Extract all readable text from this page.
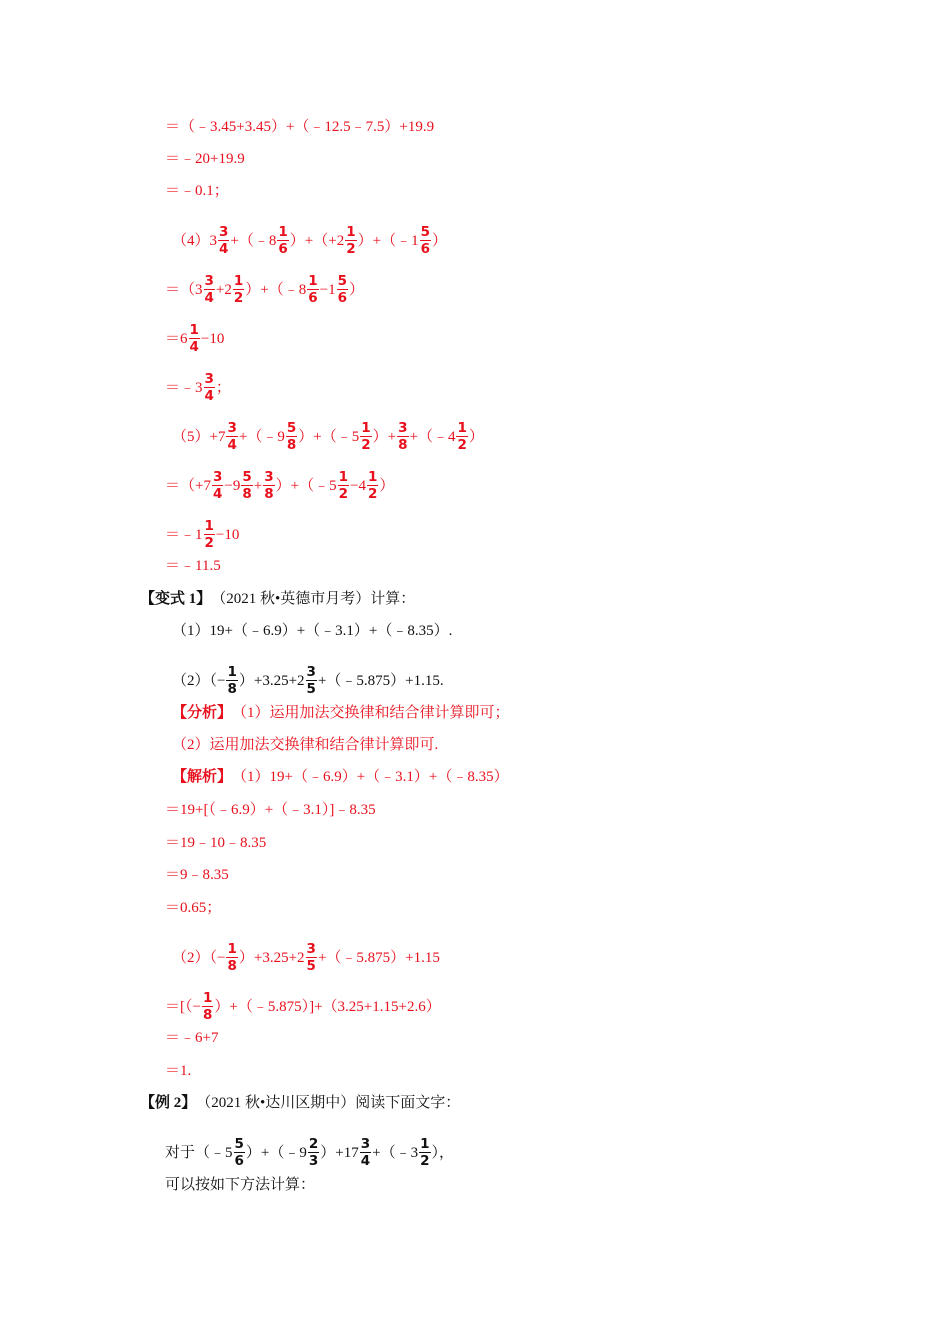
＝（﹣3.45+3.45）+（﹣12.5﹣7.5）+19.9
＝﹣20+19.9
＝﹣0.1；
$(4)3 \frac{3}{4}$ +（﹣8 $\frac{1}{6} )+(+2 \frac{1}{2}$ ）+（﹣1 $\frac{5}{6}$ ）
$=(3 \frac{3}{4} +2 \frac{1}{2}$ ）+（﹣8 $\frac{1}{6} -1 \frac{5}{6}$ ）
$=6 \frac{1}{4} -10$
＝﹣3 $\frac{3}{4}$ ；
$(5)+7 \frac{3}{4}$ +（﹣9 $\frac{5}{8}$ ）+（﹣5 $\frac{1}{2}$ ）+ $\frac{3}{8}$ +（﹣4 $\frac{1}{2}$ ）
$=(+7 \frac{3}{4} -9 \frac{5}{8} + \frac{3}{8}$ ）+（﹣5 $\frac{1}{2} -4 \frac{1}{2}$ ）
＝﹣1 $\frac{1}{2} -10$
＝﹣11.5
【变式 1】 （2021 秋•英德市月考）计算：
（1）19+（﹣6.9）+（﹣3.1）+（﹣8.35）.
$(2)(- \frac{1}{8} )+3.25+2 \frac{3}{5}$ +（﹣5.875）+1.15.
【分析】 （1）运用加法交换律和结合律计算即可；
（2）运用加法交换律和结合律计算即可.
【解析】 （1）19+（﹣6.9）+（﹣3.1）+（﹣8.35）
＝19+[（﹣6.9）+（﹣3.1）]﹣8.35
＝19﹣10﹣8.35
＝9﹣8.35
＝0.65；
$(2)(- \frac{1}{8} )+3.25+2 \frac{3}{5}$ +（﹣5.875）+1.15
＝[（− $\frac{1}{8}$ ）+（﹣5.875）]+（3.25+1.15+2.6）
＝﹣6+7
＝1.
【例 2】 （2021 秋•达川区期中）阅读下面文字：
对于（﹣5 $\frac{5}{6}$ ）+（﹣9 $\frac{2}{3} )+17 \frac{3}{4}$ +（﹣3 $\frac{1}{2}$ ），
可以按如下方法计算：
